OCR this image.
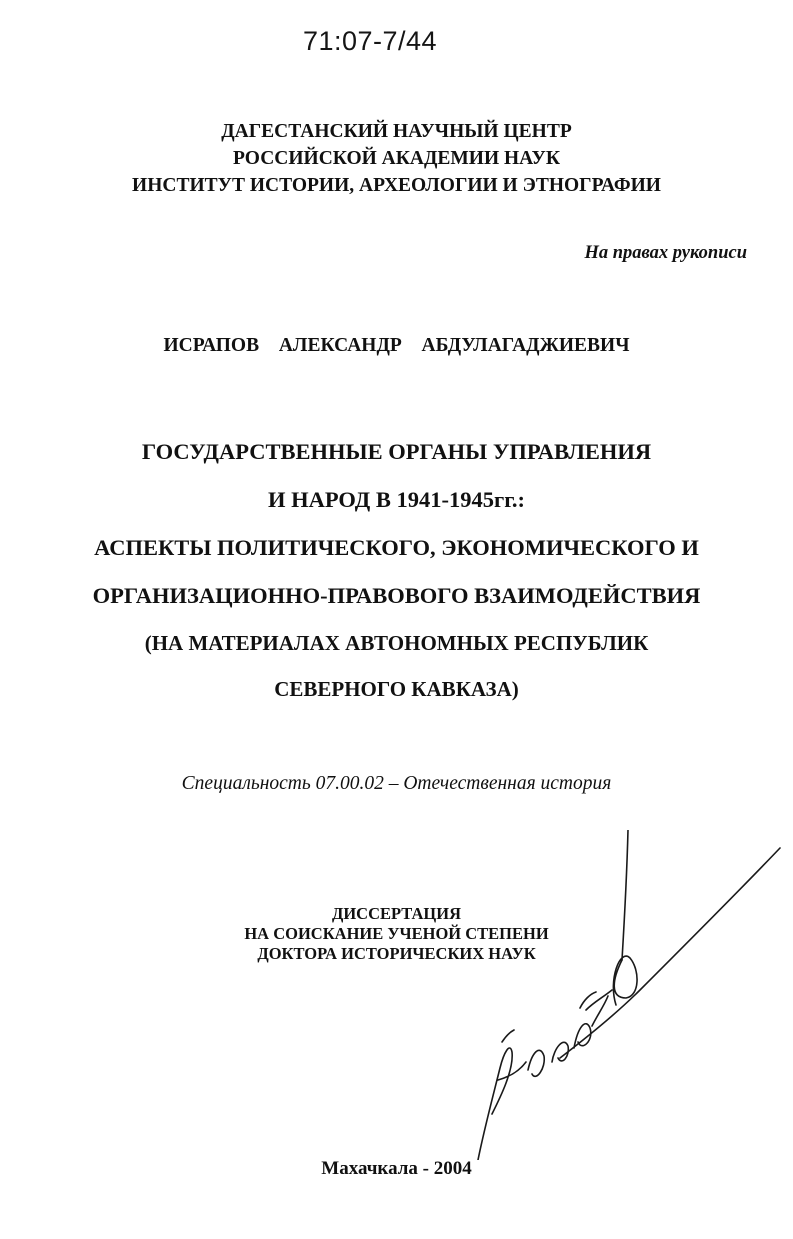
71:07-7/44
ДАГЕСТАНСКИЙ НАУЧНЫЙ ЦЕНТР
РОССИЙСКОЙ АКАДЕМИИ НАУК
ИНСТИТУТ ИСТОРИИ, АРХЕОЛОГИИ И ЭТНОГРАФИИ
На правах рукописи
ИСРАПОВ  АЛЕКСАНДР  АБДУЛАГАДЖИЕВИЧ
ГОСУДАРСТВЕННЫЕ ОРГАНЫ УПРАВЛЕНИЯ
И НАРОД В 1941-1945гг.:
АСПЕКТЫ ПОЛИТИЧЕСКОГО, ЭКОНОМИЧЕСКОГО И
ОРГАНИЗАЦИОННО-ПРАВОВОГО ВЗАИМОДЕЙСТВИЯ
(НА МАТЕРИАЛАХ АВТОНОМНЫХ РЕСПУБЛИК
СЕВЕРНОГО КАВКАЗА)
Специальность 07.00.02 – Отечественная история
ДИССЕРТАЦИЯ
НА СОИСКАНИЕ УЧЕНОЙ СТЕПЕНИ
ДОКТОРА ИСТОРИЧЕСКИХ НАУК
Махачкала - 2004
